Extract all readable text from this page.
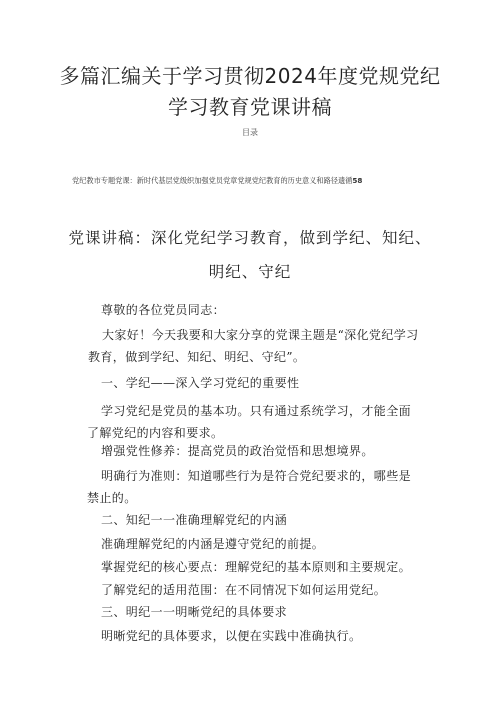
多篇汇编关于学习贯彻2024年度党规党纪
学习教育党课讲稿
目录
党纪教市专题党课：新时代基层党级织加强党员党章党规党纪教育的历史意义和路径遗循58
党课讲稿：深化党纪学习教育，做到学纪、知纪、
明纪、守纪
尊敬的各位党员同志：
大家好！今天我要和大家分享的党课主题是“深化党纪学习教育，做到学纪、知纪、明纪、守纪”。
一、学纪——深入学习党纪的重要性
学习党纪是党员的基本功。只有通过系统学习，才能全面了解党纪的内容和要求。
增强党性修养：提高党员的政治觉悟和思想境界。
明确行为准则：知道哪些行为是符合党纪要求的，哪些是禁止的。
二、知纪一一准确理解党纪的内涵
准确理解党纪的内涵是遵守党纪的前提。
掌握党纪的核心要点：理解党纪的基本原则和主要规定。
了解党纪的适用范围：在不同情况下如何运用党纪。
三、明纪一一明晰党纪的具体要求
明晰党纪的具体要求，以便在实践中准确执行。
